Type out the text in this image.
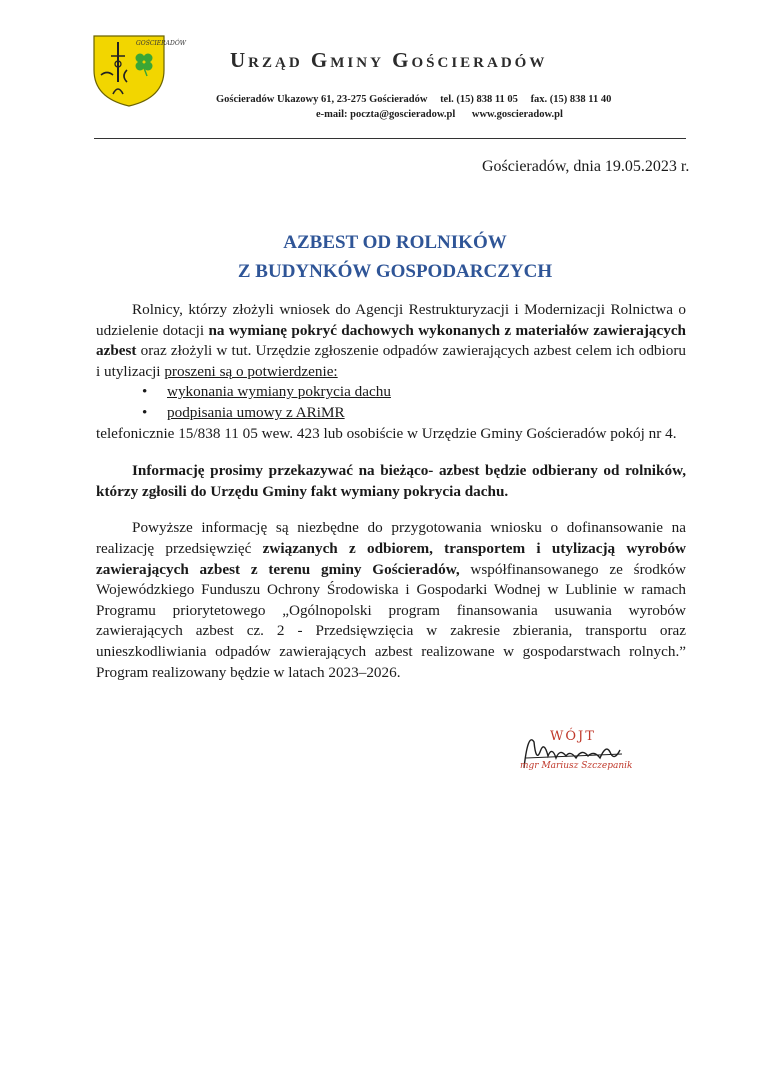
GOŚCIERADÓW
Urząd Gminy Gościeradów
Gościeradów Ukazowy 61, 23-275 Gościeradów tel. (15) 838 11 05 fax. (15) 838 11 40
e-mail: poczta@goscieradow.pl www.goscieradow.pl
Gościeradów, dnia 19.05.2023 r.
AZBEST OD ROLNIKÓW
Z BUDYNKÓW GOSPODARCZYCH

Rolnicy, którzy złożyli wniosek do Agencji Restrukturyzacji i Modernizacji Rolnictwa o udzielenie dotacji na wymianę pokryć dachowych wykonanych z materiałów zawierających azbest oraz złożyli w tut. Urzędzie zgłoszenie odpadów zawierających azbest celem ich odbioru i utylizacji proszeni są o potwierdzenie:

• wykonania wymiany pokrycia dachu
• podpisania umowy z ARiMR

telefonicznie 15/838 11 05 wew. 423 lub osobiście w Urzędzie Gminy Gościeradów pokój nr 4.

Informację prosimy przekazywać na bieżąco- azbest będzie odbierany od rolników, którzy zgłosili do Urzędu Gminy fakt wymiany pokrycia dachu.

Powyższe informację są niezbędne do przygotowania wniosku o dofinansowanie na realizację przedsięwzięć związanych z odbiorem, transportem i utylizacją wyrobów zawierających azbest z terenu gminy Gościeradów, współfinansowanego ze środków Wojewódzkiego Funduszu Ochrony Środowiska i Gospodarki Wodnej w Lublinie w ramach Programu priorytetowego „Ogólnopolski program finansowania usuwania wyrobów zawierających azbest cz. 2 - Przedsięwzięcia w zakresie zbierania, transportu oraz unieszkodliwiania odpadów zawierających azbest realizowane w gospodarstwach rolnych.” Program realizowany będzie w latach 2023–2026.

WÓJT
mgr Mariusz Szczepanik
